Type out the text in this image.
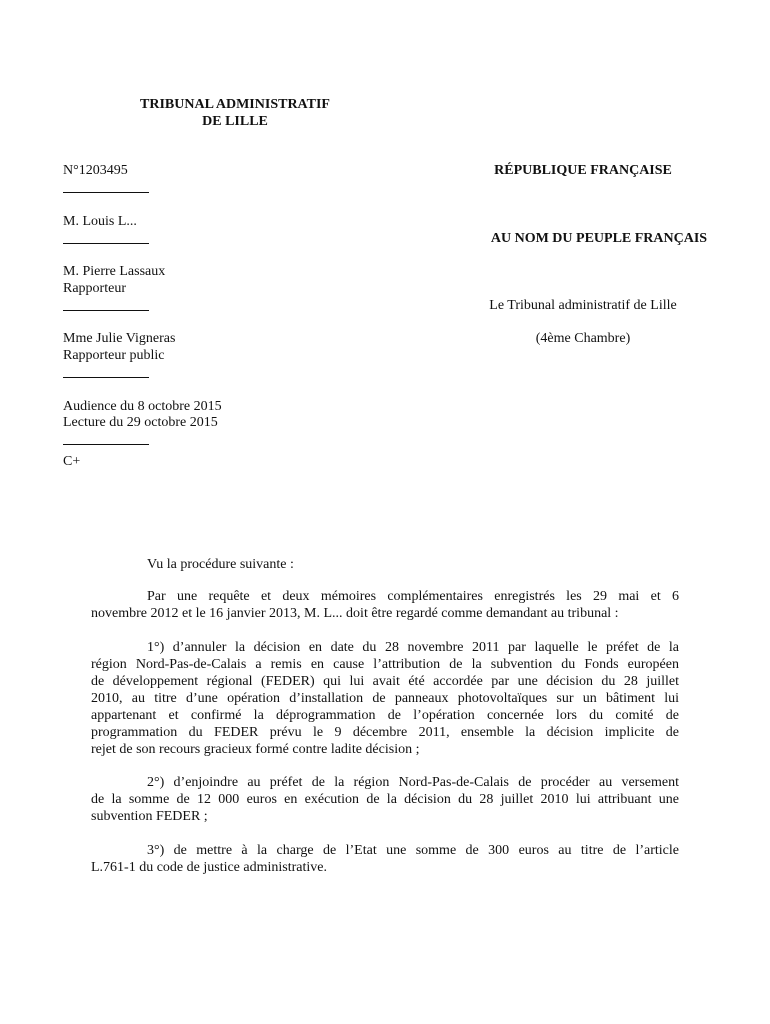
TRIBUNAL ADMINISTRATIF
DE LILLE
N°1203495
M. Louis L...
M. Pierre Lassaux
Rapporteur
Mme Julie Vigneras
Rapporteur public
Audience du 8 octobre 2015
Lecture du 29 octobre 2015
C+
RÉPUBLIQUE FRANÇAISE
AU NOM DU PEUPLE FRANÇAIS
Le Tribunal administratif de Lille
(4ème Chambre)
Vu la procédure suivante :
Par une requête et deux mémoires complémentaires enregistrés les 29 mai et 6
novembre 2012 et le 16 janvier 2013, M. L... doit être regardé comme demandant au tribunal :
1°) d’annuler la décision en date du 28 novembre 2011 par laquelle le préfet de la
région Nord-Pas-de-Calais a remis en cause l’attribution de la subvention du Fonds européen
de développement régional (FEDER) qui lui avait été accordée par une décision du 28 juillet
2010, au titre d’une opération d’installation de panneaux photovoltaïques sur un bâtiment lui
appartenant et confirmé la déprogrammation de l’opération concernée lors du comité de
programmation du FEDER prévu le 9 décembre 2011, ensemble la décision implicite de
rejet de son recours gracieux formé contre ladite décision ;
2°) d’enjoindre au préfet de la région Nord-Pas-de-Calais de procéder au versement
de la somme de 12 000 euros en exécution de la décision du 28 juillet 2010 lui attribuant une
subvention FEDER ;
3°) de mettre à la charge de l’Etat une somme de 300 euros au titre de l’article
L.761-1 du code de justice administrative.
